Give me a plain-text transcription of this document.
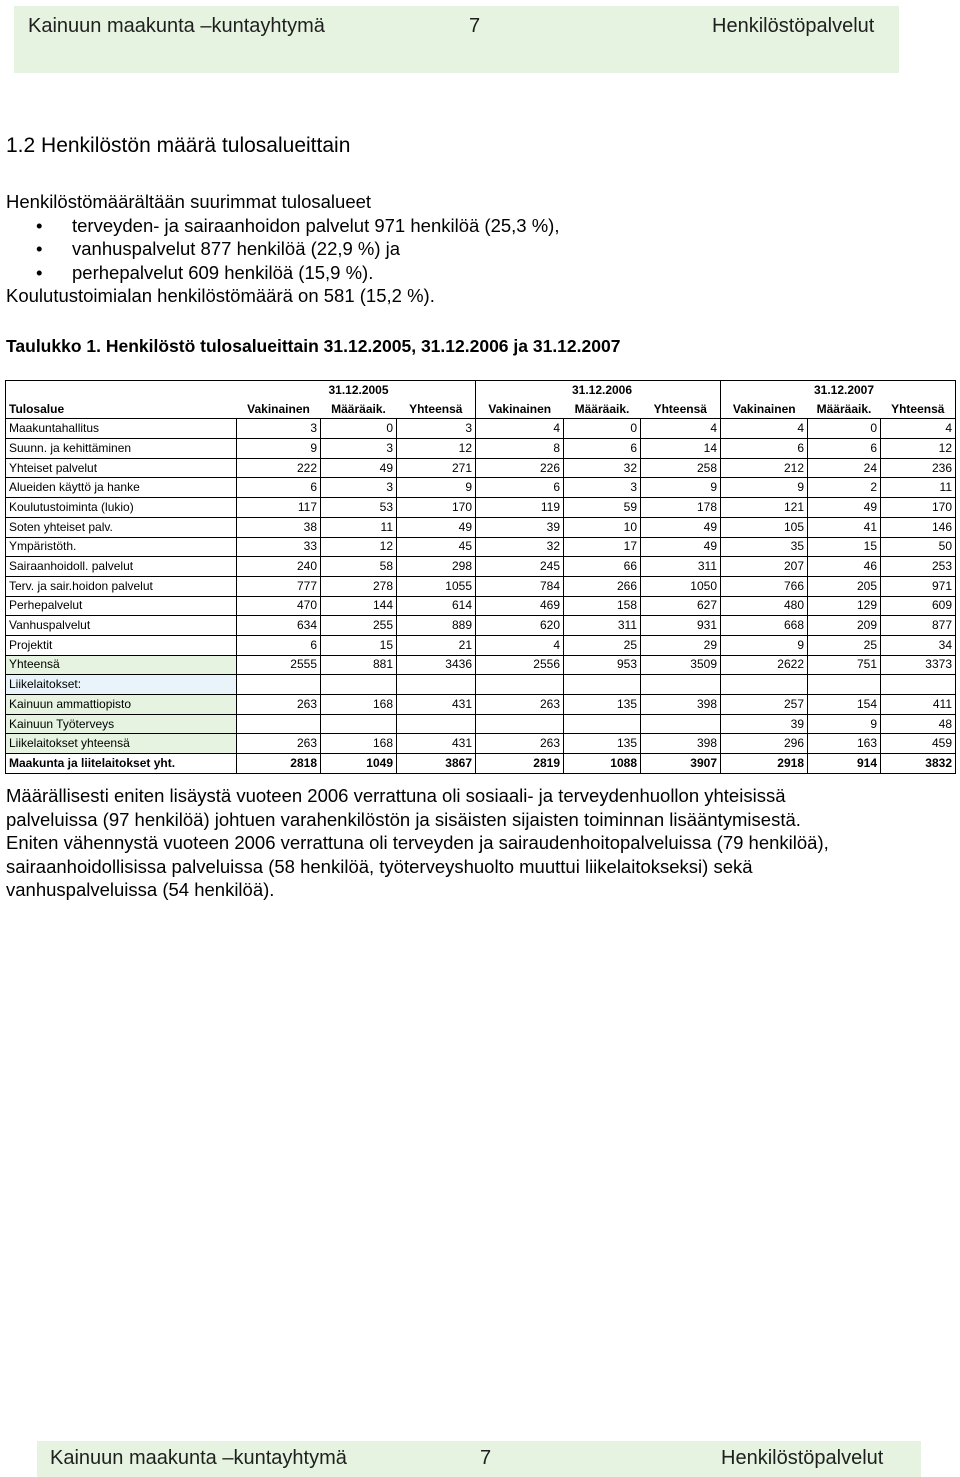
Kainuun maakunta –kuntayhtymä	7	Henkilöstöpalvelut
1.2 Henkilöstön määrä tulosalueittain
Henkilöstömäärältään suurimmat tulosalueet
• terveyden- ja sairaanhoidon palvelut 971 henkilöä (25,3 %),
• vanhuspalvelut 877 henkilöä (22,9 %) ja
• perhepalvelut 609 henkilöä (15,9 %).
Koulutustoimialan henkilöstömäärä on 581 (15,2 %).
Taulukko 1. Henkilöstö tulosalueittain 31.12.2005, 31.12.2006 ja 31.12.2007
		31.12.2005			31.12.2006			31.12.2007	
Tulosalue	Vakinainen	Määräaik.	Yhteensä	Vakinainen	Määräaik.	Yhteensä	Vakinainen	Määräaik.	Yhteensä
Maakuntahallitus	3	0	3	4	0	4	4	0	4
Suunn. ja kehittäminen	9	3	12	8	6	14	6	6	12
Yhteiset palvelut	222	49	271	226	32	258	212	24	236
Alueiden käyttö ja hanke	6	3	9	6	3	9	9	2	11
Koulutustoiminta (lukio)	117	53	170	119	59	178	121	49	170
Soten yhteiset palv.	38	11	49	39	10	49	105	41	146
Ympäristöth.	33	12	45	32	17	49	35	15	50
Sairaanhoidoll. palvelut	240	58	298	245	66	311	207	46	253
Terv. ja sair.hoidon palvelut	777	278	1055	784	266	1050	766	205	971
Perhepalvelut	470	144	614	469	158	627	480	129	609
Vanhuspalvelut	634	255	889	620	311	931	668	209	877
Projektit	6	15	21	4	25	29	9	25	34
Yhteensä	2555	881	3436	2556	953	3509	2622	751	3373
Liikelaitokset:									
Kainuun ammattiopisto	263	168	431	263	135	398	257	154	411
Kainuun Työterveys							39	9	48
Liikelaitokset yhteensä	263	168	431	263	135	398	296	163	459
Maakunta ja liitelaitokset yht.	2818	1049	3867	2819	1088	3907	2918	914	3832
Määrällisesti eniten lisäystä vuoteen 2006 verrattuna oli sosiaali- ja terveydenhuollon yhteisissä
palveluissa (97 henkilöä) johtuen varahenkilöstön ja sisäisten sijaisten toiminnan lisääntymisestä.
Eniten vähennystä vuoteen 2006 verrattuna oli terveyden ja sairaudenhoitopalveluissa (79 henkilöä),
sairaanhoidollisissa palveluissa (58 henkilöä, työterveyshuolto muuttui liikelaitokseksi) sekä
vanhuspalveluissa (54 henkilöä).
Kainuun maakunta –kuntayhtymä	7	Henkilöstöpalvelut
